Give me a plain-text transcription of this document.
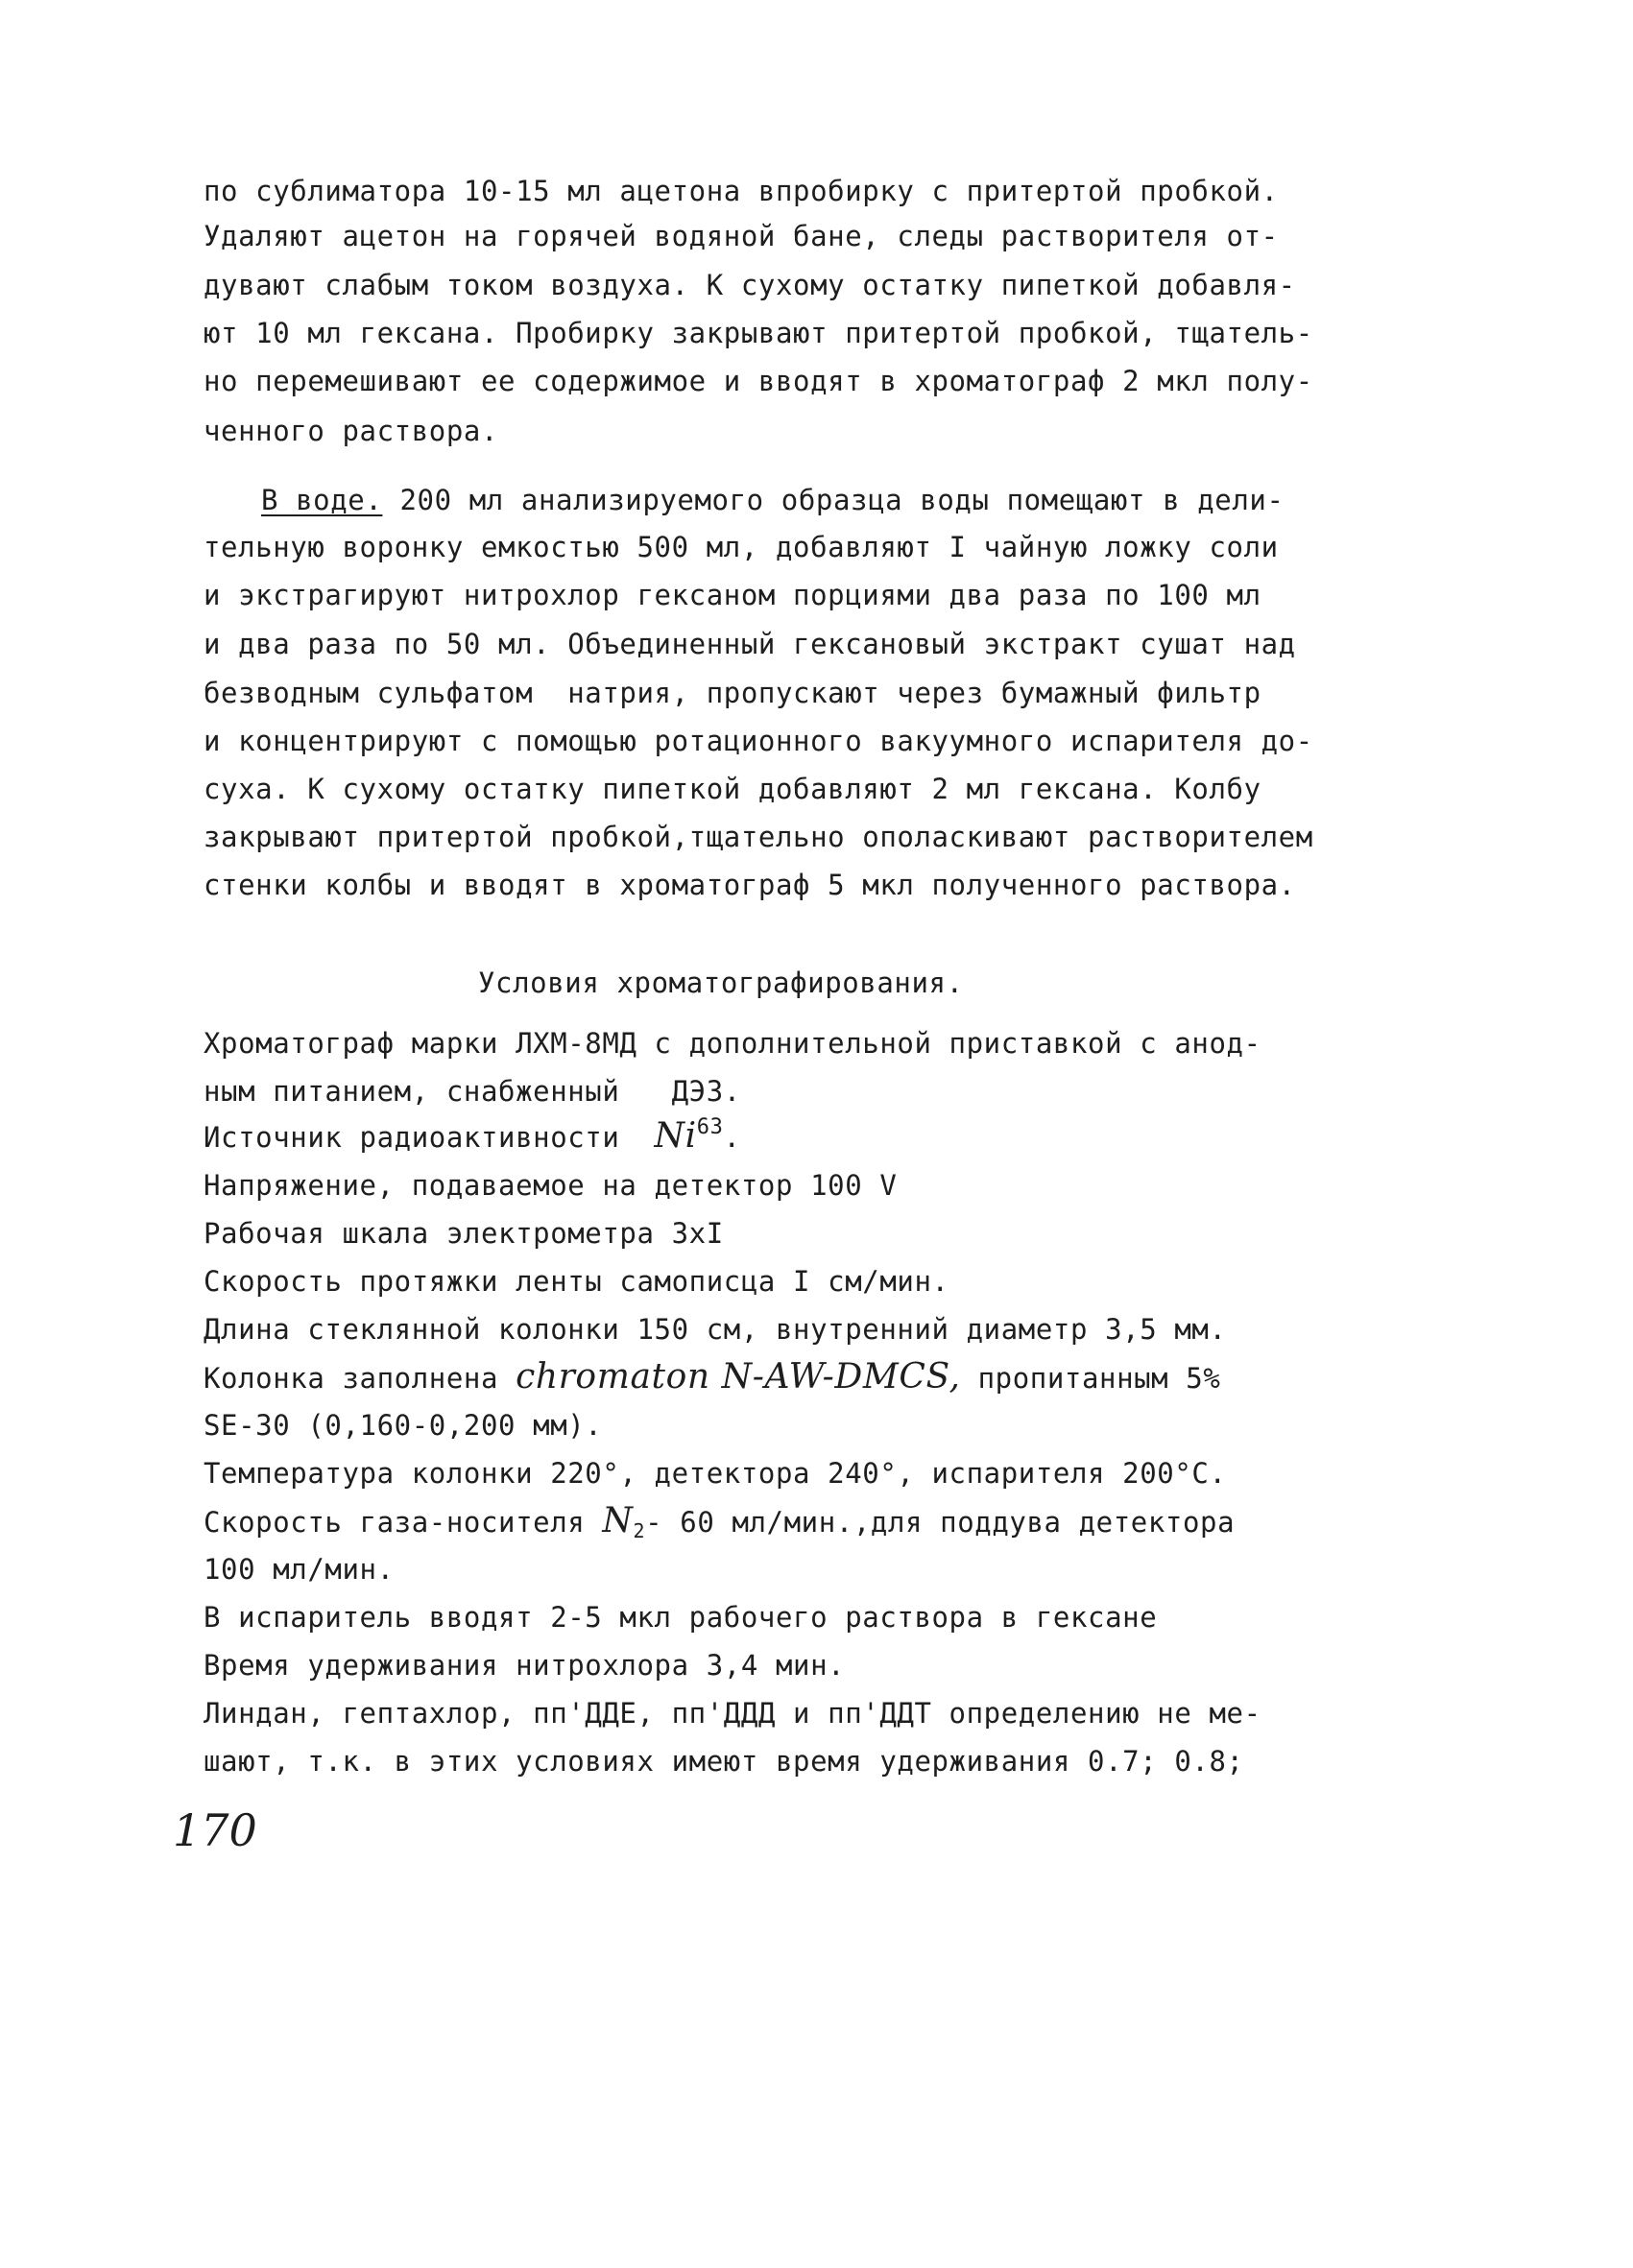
по сублиматора 10-15 мл ацетона впробирку с притертой пробкой.
Удаляют ацетон на горячей водяной бане, следы растворителя от-
дувают слабым током воздуха. К сухому остатку пипеткой добавля-
ют 10 мл гексана. Пробирку закрывают притертой пробкой, тщатель-
но перемешивают ее содержимое и вводят в хроматограф 2 мкл полу-
ченного раствора.
В воде. 200 мл анализируемого образца воды помещают в дели-
тельную воронку емкостью 500 мл, добавляют I чайную ложку соли
и экстрагируют нитрохлор гексаном порциями два раза по 100 мл
и два раза по 50 мл. Объединенный гексановый экстракт сушат над
безводным сульфатом  натрия, пропускают через бумажный фильтр
и концентрируют с помощью ротационного вакуумного испарителя до-
суха. К сухому остатку пипеткой добавляют 2 мл гексана. Колбу
закрывают притертой пробкой,тщательно ополаскивают растворителем
стенки колбы и вводят в хроматограф 5 мкл полученного раствора.
Условия хроматографирования.
Хроматограф марки ЛХМ-8МД с дополнительной приставкой с анод-
ным питанием, снабженный   ДЭЗ.
Источник радиоактивности  Ni$^{63}$.
Напряжение, подаваемое на детектор 100 V
Рабочая шкала электрометра 3хI
Скорость протяжки ленты самописца I см/мин.
Длина стеклянной колонки 150 см, внутренний диаметр 3,5 мм.
Колонка заполнена chromaton N-AW-DMCS, пропитанным 5%
SE-30 (0,160-0,200 мм).
Температура колонки 220°, детектора 240°, испарителя 200°С.
Скорость газа-носителя $N_2-$ 60 мл/мин.,для поддува детектора
100 мл/мин.
В испаритель вводят 2-5 мкл рабочего раствора в гексане
Время удерживания нитрохлора 3,4 мин.
Линдан, гептахлор, пп'ДДЕ, пп'ДДД и пп'ДДТ определению не ме-
шают, т.к. в этих условиях имеют время удерживания 0.7; 0.8;
170
